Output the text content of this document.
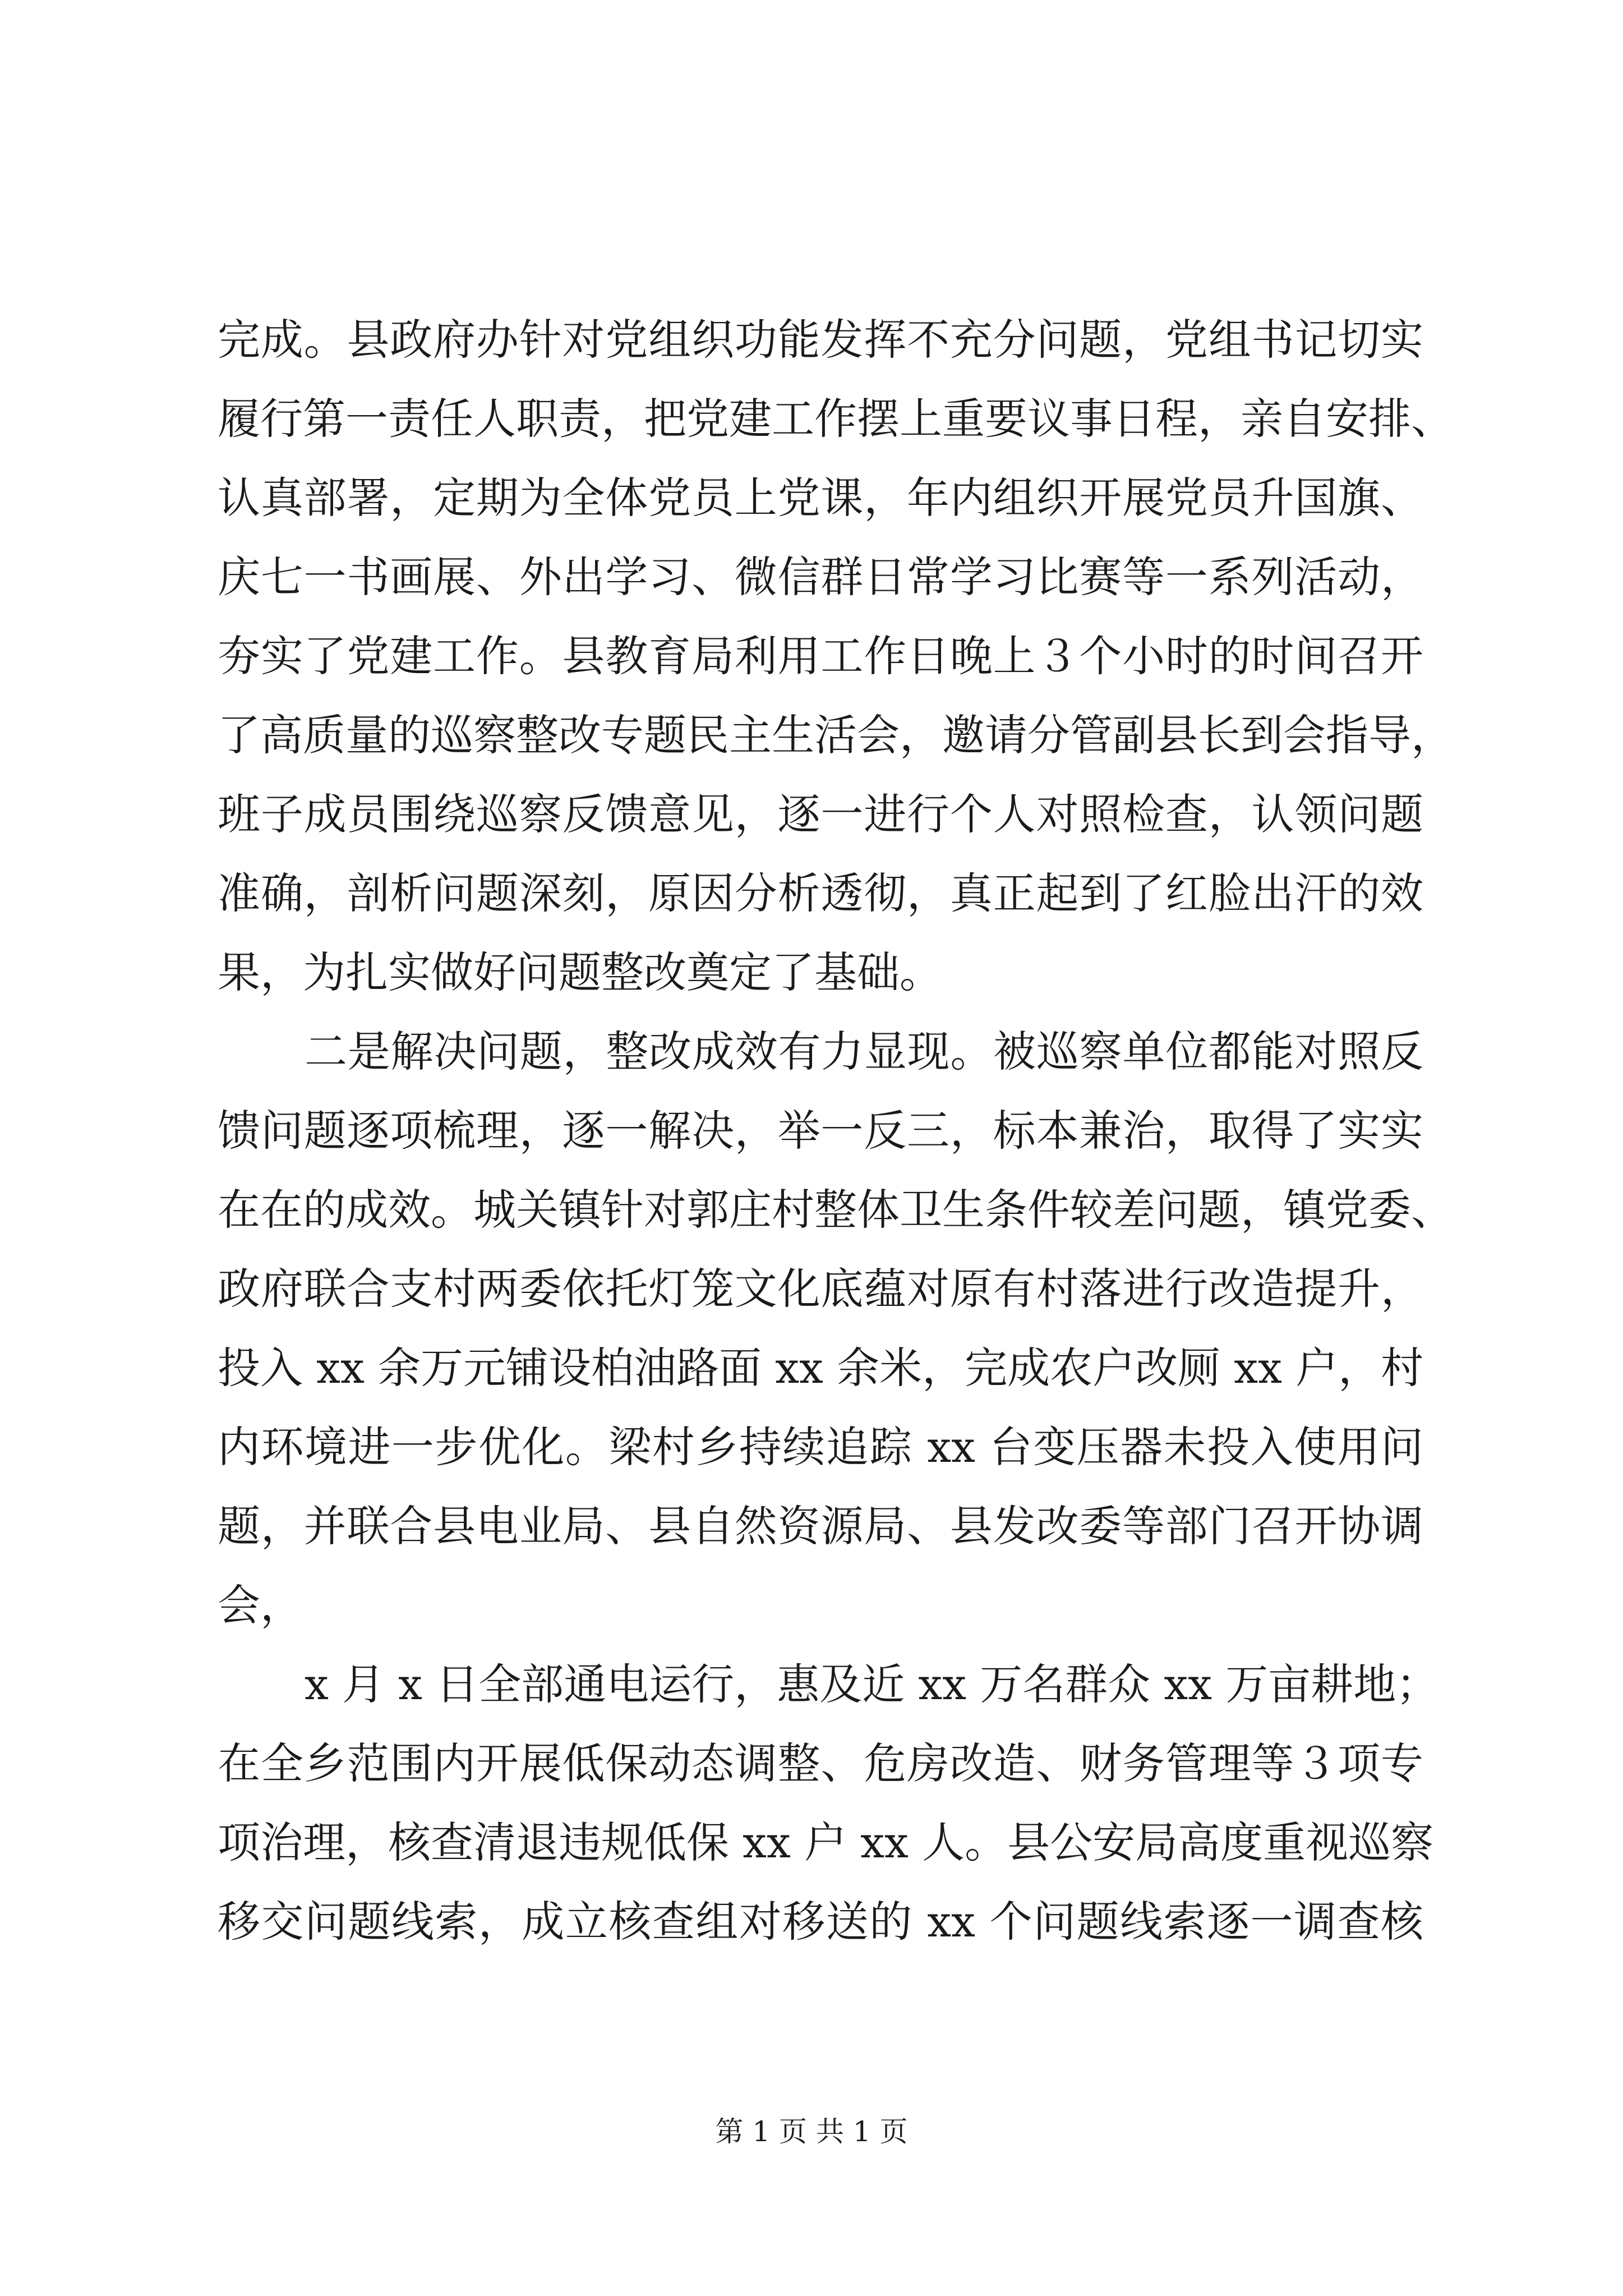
完成。县政府办针对党组织功能发挥不充分问题，党组书记切实
履行第一责任人职责，把党建工作摆上重要议事日程，亲自安排、
认真部署，定期为全体党员上党课，年内组织开展党员升国旗、
庆七一书画展、外出学习、微信群日常学习比赛等一系列活动，
夯实了党建工作。县教育局利用工作日晚上３个小时的时间召开
了高质量的巡察整改专题民主生活会，邀请分管副县长到会指导，
班子成员围绕巡察反馈意见，逐一进行个人对照检查，认领问题
准确，剖析问题深刻，原因分析透彻，真正起到了红脸出汗的效
果，为扎实做好问题整改奠定了基础。
二是解决问题，整改成效有力显现。被巡察单位都能对照反
馈问题逐项梳理，逐一解决，举一反三，标本兼治，取得了实实
在在的成效。城关镇针对郭庄村整体卫生条件较差问题，镇党委、
政府联合支村两委依托灯笼文化底蕴对原有村落进行改造提升，
投入 xx 余万元铺设柏油路面 xx 余米，完成农户改厕 xx 户，村
内环境进一步优化。梁村乡持续追踪 xx 台变压器未投入使用问
题，并联合县电业局、县自然资源局、县发改委等部门召开协调
会，
x 月 x 日全部通电运行，惠及近 xx 万名群众 xx 万亩耕地；
在全乡范围内开展低保动态调整、危房改造、财务管理等３项专
项治理，核查清退违规低保 xx 户 xx 人。县公安局高度重视巡察
移交问题线索，成立核查组对移送的 xx 个问题线索逐一调查核
第 1 页 共 1 页
